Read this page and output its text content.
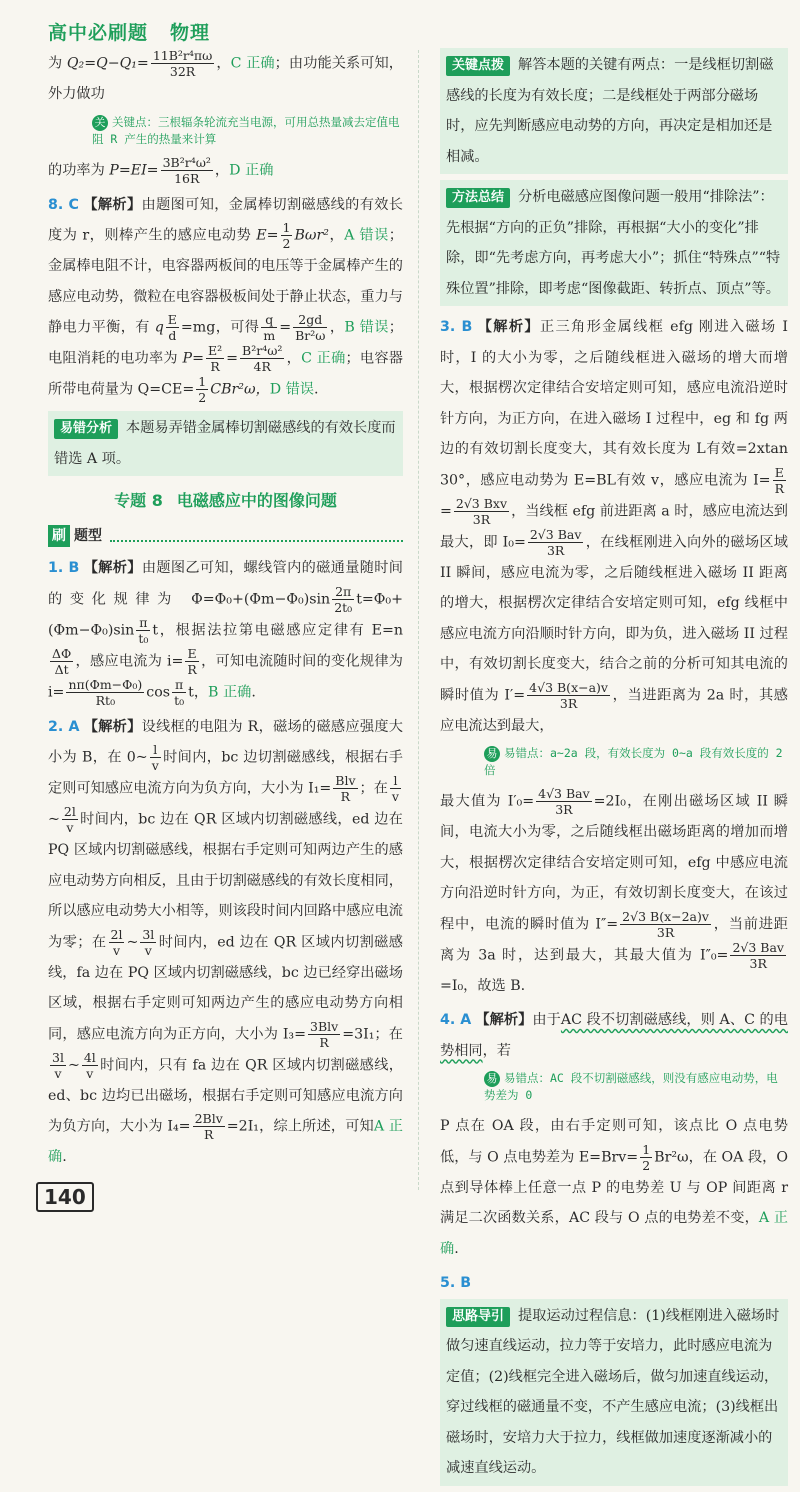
高中必刷题 物理

为 $Q_2=Q-Q_1= \frac{\text{11B²r⁴πω}}{32R}$ ，C 正确；由功能关系可知，外力做功

关 关键点：三根辐条轮流充当电源，可用总热量减去定值电阻 R 产生的热量来计算

的功率为 $P=EI= \frac{\text{3B²r⁴ω²}}{16R}$ ，D 正确

8. C 【解析】由题图可知，金属棒切割磁感线的有效长度为 r，则棒产生的感应电动势 $E= \frac{1}{2} B\omega r^2$，A 错误；金属棒电阻不计，电容器两板间的电压等于金属棒产生的感应电动势，微粒在电容器极板间处于静止状态，重力与静电力平衡，有 q $\frac{E}{d} =mg$，可得 $\frac{q}{m} = \frac{2gd}{\text{Br²ω}}$ ，B 错误；电阻消耗的电功率为 $P= \frac{\text{E²}}{R} = \frac{\text{B²r⁴ω²}}{4R}$ ，C 正确；电容器所带电荷量为 $Q=CE= \frac{1}{2} CBr^2\omega$，D 错误.

易错分析 本题易弄错金属棒切割磁感线的有效长度而错选 A 项。
专题 8 电磁感应中的图像问题
刷 题型

1. B 【解析】由题图乙可知，螺线管内的磁通量随时间的变化规律为 $\Phi=\Phi_0+(\Phi m-\Phi_0)\sin \frac{2\pi}{\text{2t₀}} t=\Phi_0+(\Phi m-\Phi_0)\sin \frac{\pi}{\text{t₀}}$ t，根据法拉第电磁感应定律有 E=n
$\frac{\Delta\Phi}{\Delta t}$ ，感应电流为 $i= \frac{E}{R}$ ，可知电流随时间的变化规律为 $i= \frac{\text{nπ(Φm−Φ₀)}}{\text{Rt₀}}$ $\cos \frac{\pi}{\text{t₀}}$ t，B 正确.

2. A 【解析】设线框的电阻为 R，磁场的磁感应强度大小为 B，在 0~ $\frac{l}{v}$ 时间内，bc 边切割磁感线，根据右手定则可知感应电流方向为负方向，大小为 $I_1= \frac{\text{Blv}}{R}$ ；在 $\frac{l}{v}$
~ $\frac{2l}{v}$ 时间内，bc 边在 QR 区域内切割磁感线，ed 边在 PQ 区域内切割磁感线，根据右手定则可知两边产生的感应电动势方向相反，且由于切割磁感线的有效长度相同，所以感应电动势大小相等，则该段时间内回路中感应电流为零；在 $\frac{2l}{v}$ ~ $\frac{3l}{v}$ 时间内，ed 边在 QR 区域内切割磁感线，fa 边在 PQ 区域内切割磁感线，bc 边已经穿出磁场区域，根据右手定则可知两边产生的感应电动势方向相同，感应电流方向为正方向，大小为 $I_3= \frac{\text{3Blv}}{R} =3I_1$；在
$\frac{3l}{v}$ ~ $\frac{4l}{v}$ 时间内，只有 fa 边在 QR 区域内切割磁感线，ed、bc 边均已出磁场，根据右手定则可知感应电流方向为负方向，大小为 $I_4= \frac{\text{2Blv}}{R} =2I_1$，综上所述，可知A 正确.

关键点拨 解答本题的关键有两点：一是线框切割磁感线的长度为有效长度；二是线框处于两部分磁场时，应先判断感应电动势的方向，再决定是相加还是相减。
方法总结 分析电磁感应图像问题一般用“排除法”：先根据“方向的正负”排除，再根据“大小的变化”排除，即“先考虑方向，再考虑大小”；抓住“特殊点”“特殊位置”排除，即考虑“图像截距、转折点、顶点”等。

3. B 【解析】正三角形金属线框 efg 刚进入磁场 I 时，I 的大小为零，之后随线框进入磁场的增大而增大，根据楞次定律结合安培定则可知，感应电流沿逆时针方向，为正方向，在进入磁场 I 过程中，eg 和 fg 两边的有效切割长度变大，其有效长度为 L有效=2xtan 30°，感应电动势为 E=BL有效 v，感应电流为 $I= \frac{E}{R}$
= $\frac{\text{2√3 Bxv}}{3R}$ ，当线框 efg 前进距离 a 时，感应电流达到最大，即 $I_0= \frac{\text{2√3 Bav}}{3R}$ ，在线框刚进入向外的磁场区域 II 瞬间，感应电流为零，之后随线框进入磁场 II 距离的增大，根据楞次定律结合安培定则可知，efg 线框中感应电流方向沿顺时针方向，即为负，进入磁场 II 过程中，有效切割长度变大，结合之前的分析可知其电流的瞬时值为 $I'= \frac{4√3 B(x-a)v}{3R}$ ，当进距离为 2a 时，其感应电流达到最大，

易 易错点：a~2a 段，有效长度为 0~a 段有效长度的 2 倍

最大值为 $I'_0= \frac{\text{4√3 Bav}}{3R} =2I_0$，在刚出磁场区域 II 瞬间，电流大小为零，之后随线框出磁场距离的增加而增大，根据楞次定律结合安培定则可知，efg 中感应电流方向沿逆时针方向，为正，有效切割长度变大，在该过程中，电流的瞬时值为 $I''= \frac{2√3 B(x-2a)v}{3R}$ ，当前进距离为 3a 时，达到最大，其最大值为 $I''_0= \frac{\text{2√3 Bav}}{3R}$
=I₀，故选 B.

4. A 【解析】由于AC 段不切割磁感线，则 A、C 的电势相同，若

易 易错点：AC 段不切割磁感线，则没有感应电动势，电势差为 0

P 点在 OA 段，由右手定则可知，该点比 O 点电势低，与 O 点电势差为 $E=Brv= \frac{1}{2} Br^2\omega$，在 OA 段，O 点到导体棒上任意一点 P 的电势差 U 与 OP 间距离 r 满足二次函数关系，AC 段与 O 点的电势差不变，A 正确.

5. B

思路导引 提取运动过程信息：(1)线框刚进入磁场时做匀速直线运动，拉力等于安培力，此时感应电流为定值；(2)线框完全进入磁场后，做匀加速直线运动，穿过线框的磁通量不变，不产生感应电流；(3)线框出磁场时，安培力大于拉力，线框做加速度逐渐减小的减速直线运动。
140
